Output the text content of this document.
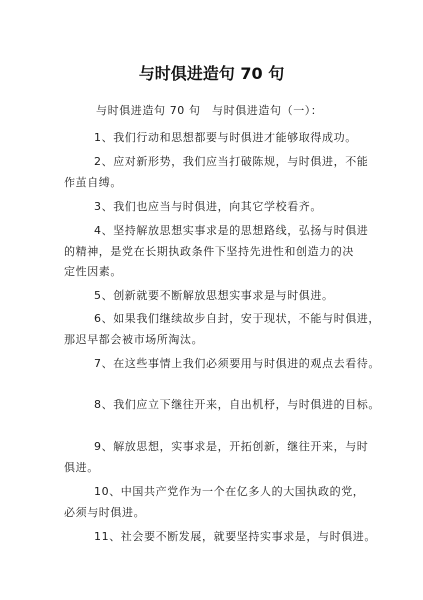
与时俱进造句 70 句
与时俱进造句 70 句 与时俱进造句（一）：
1、我们行动和思想都要与时俱进才能够取得成功。
2、应对新形势，我们应当打破陈规，与时俱进，不能
作茧自缚。
3、我们也应当与时俱进，向其它学校看齐。
4、坚持解放思想实事求是的思想路线，弘扬与时俱进
的精神，是党在长期执政条件下坚持先进性和创造力的决
定性因素。
5、创新就要不断解放思想实事求是与时俱进。
6、如果我们继续故步自封，安于现状，不能与时俱进，
那迟早都会被市场所淘汰。
7、在这些事情上我们必须要用与时俱进的观点去看待。
8、我们应立下继往开来，自出机杼，与时俱进的目标。
9、解放思想，实事求是，开拓创新，继往开来，与时
俱进。
10、中国共产党作为一个在亿多人的大国执政的党，
必须与时俱进。
11、社会要不断发展，就要坚持实事求是，与时俱进。
